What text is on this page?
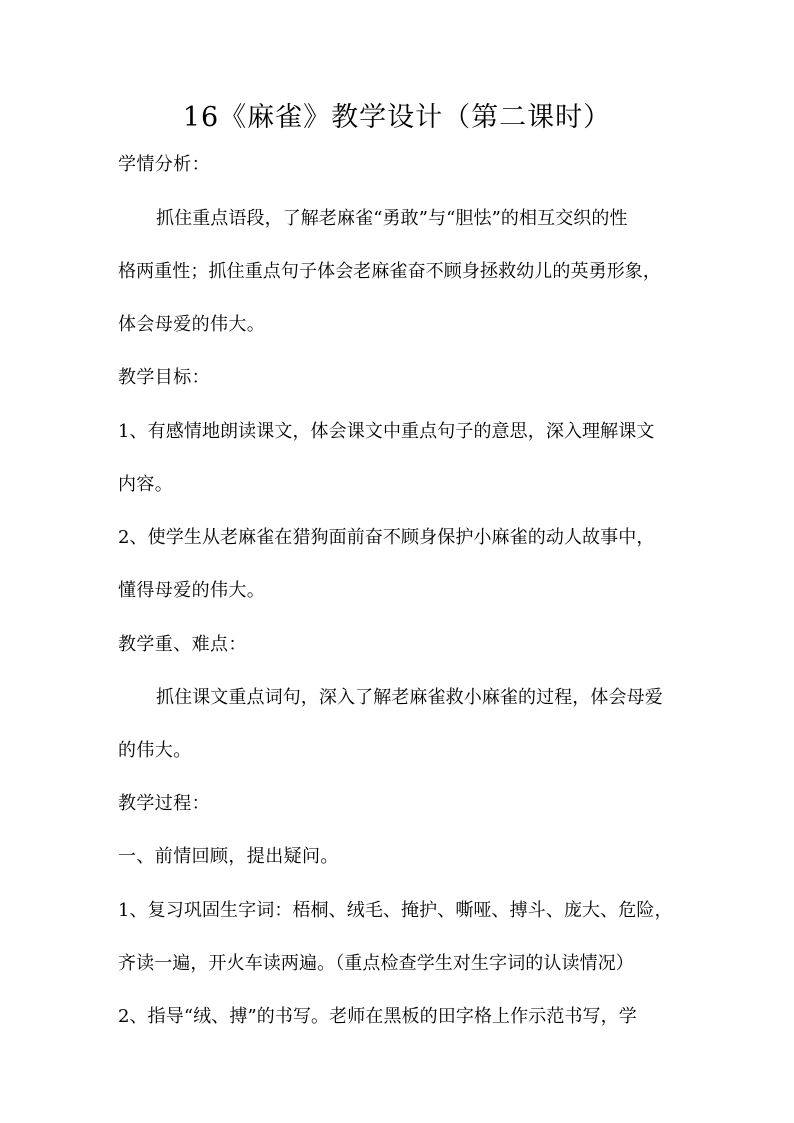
16《麻雀》教学设计（第二课时）
学情分析：
抓住重点语段，了解老麻雀“勇敢”与“胆怯”的相互交织的性
格两重性；抓住重点句子体会老麻雀奋不顾身拯救幼儿的英勇形象，
体会母爱的伟大。
教学目标：
1、有感情地朗读课文，体会课文中重点句子的意思，深入理解课文
内容。
2、使学生从老麻雀在猎狗面前奋不顾身保护小麻雀的动人故事中，
懂得母爱的伟大。
教学重、难点：
抓住课文重点词句，深入了解老麻雀救小麻雀的过程，体会母爱
的伟大。
教学过程：
一、前情回顾，提出疑问。
1、复习巩固生字词：梧桐、绒毛、掩护、嘶哑、搏斗、庞大、危险，
齐读一遍，开火车读两遍。（重点检查学生对生字词的认读情况）
2、指导“绒、搏”的书写。老师在黑板的田字格上作示范书写，学
